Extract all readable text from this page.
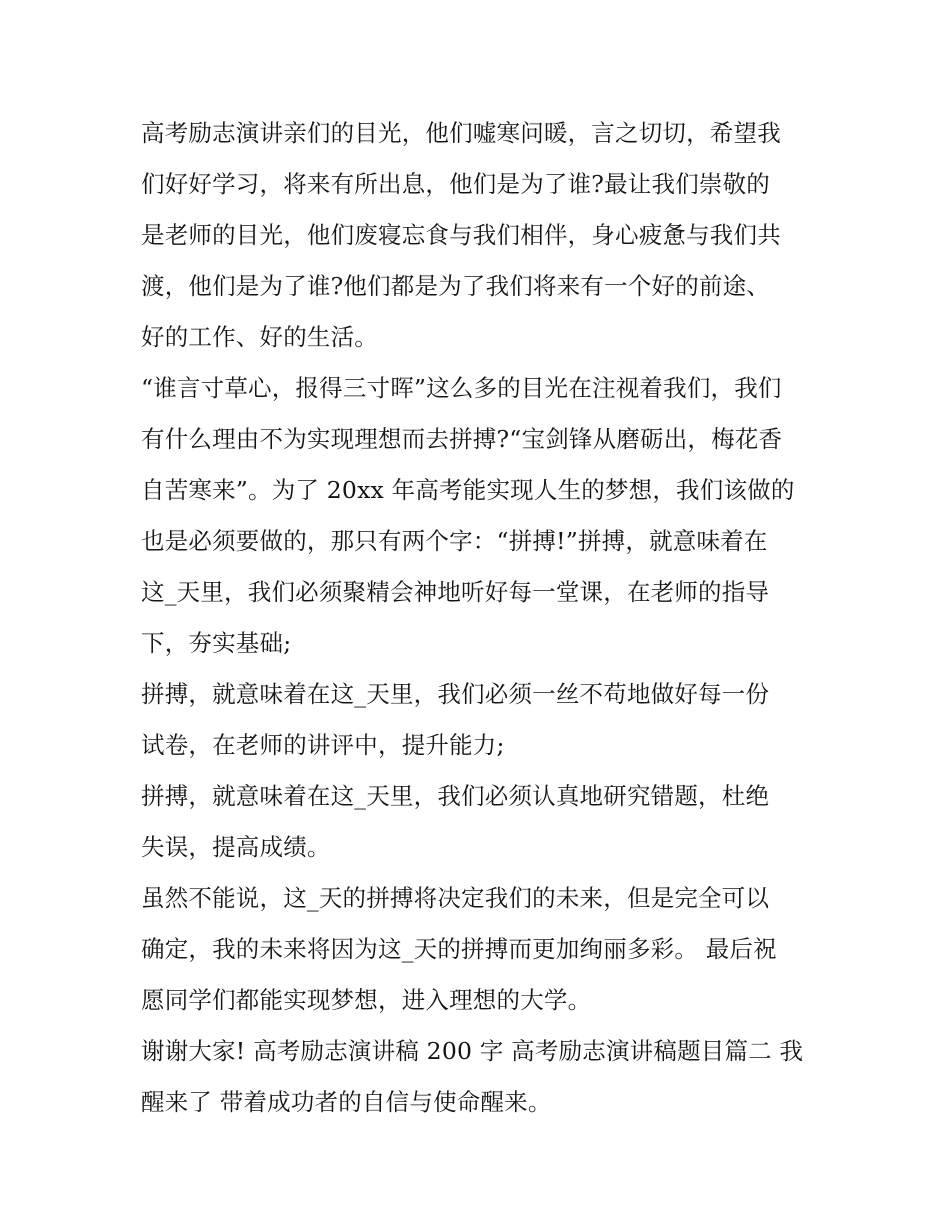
高考励志演讲亲们的目光，他们嘘寒问暖，言之切切，希望我
们好好学习，将来有所出息，他们是为了谁?最让我们崇敬的
是老师的目光，他们废寝忘食与我们相伴，身心疲惫与我们共
渡，他们是为了谁?他们都是为了我们将来有一个好的前途、
好的工作、好的生活。
“谁言寸草心，报得三寸晖”这么多的目光在注视着我们，我们
有什么理由不为实现理想而去拼搏?“宝剑锋从磨砺出，梅花香
自苦寒来”。为了 20xx 年高考能实现人生的梦想，我们该做的
也是必须要做的，那只有两个字：“拼搏!”拼搏，就意味着在
这_天里，我们必须聚精会神地听好每一堂课，在老师的指导
下，夯实基础;
拼搏，就意味着在这_天里，我们必须一丝不苟地做好每一份
试卷，在老师的讲评中，提升能力;
拼搏，就意味着在这_天里，我们必须认真地研究错题，杜绝
失误，提高成绩。
虽然不能说，这_天的拼搏将决定我们的未来，但是完全可以
确定，我的未来将因为这_天的拼搏而更加绚丽多彩。 最后祝
愿同学们都能实现梦想，进入理想的大学。
谢谢大家! 高考励志演讲稿 200 字 高考励志演讲稿题目篇二 我
醒来了 带着成功者的自信与使命醒来。
